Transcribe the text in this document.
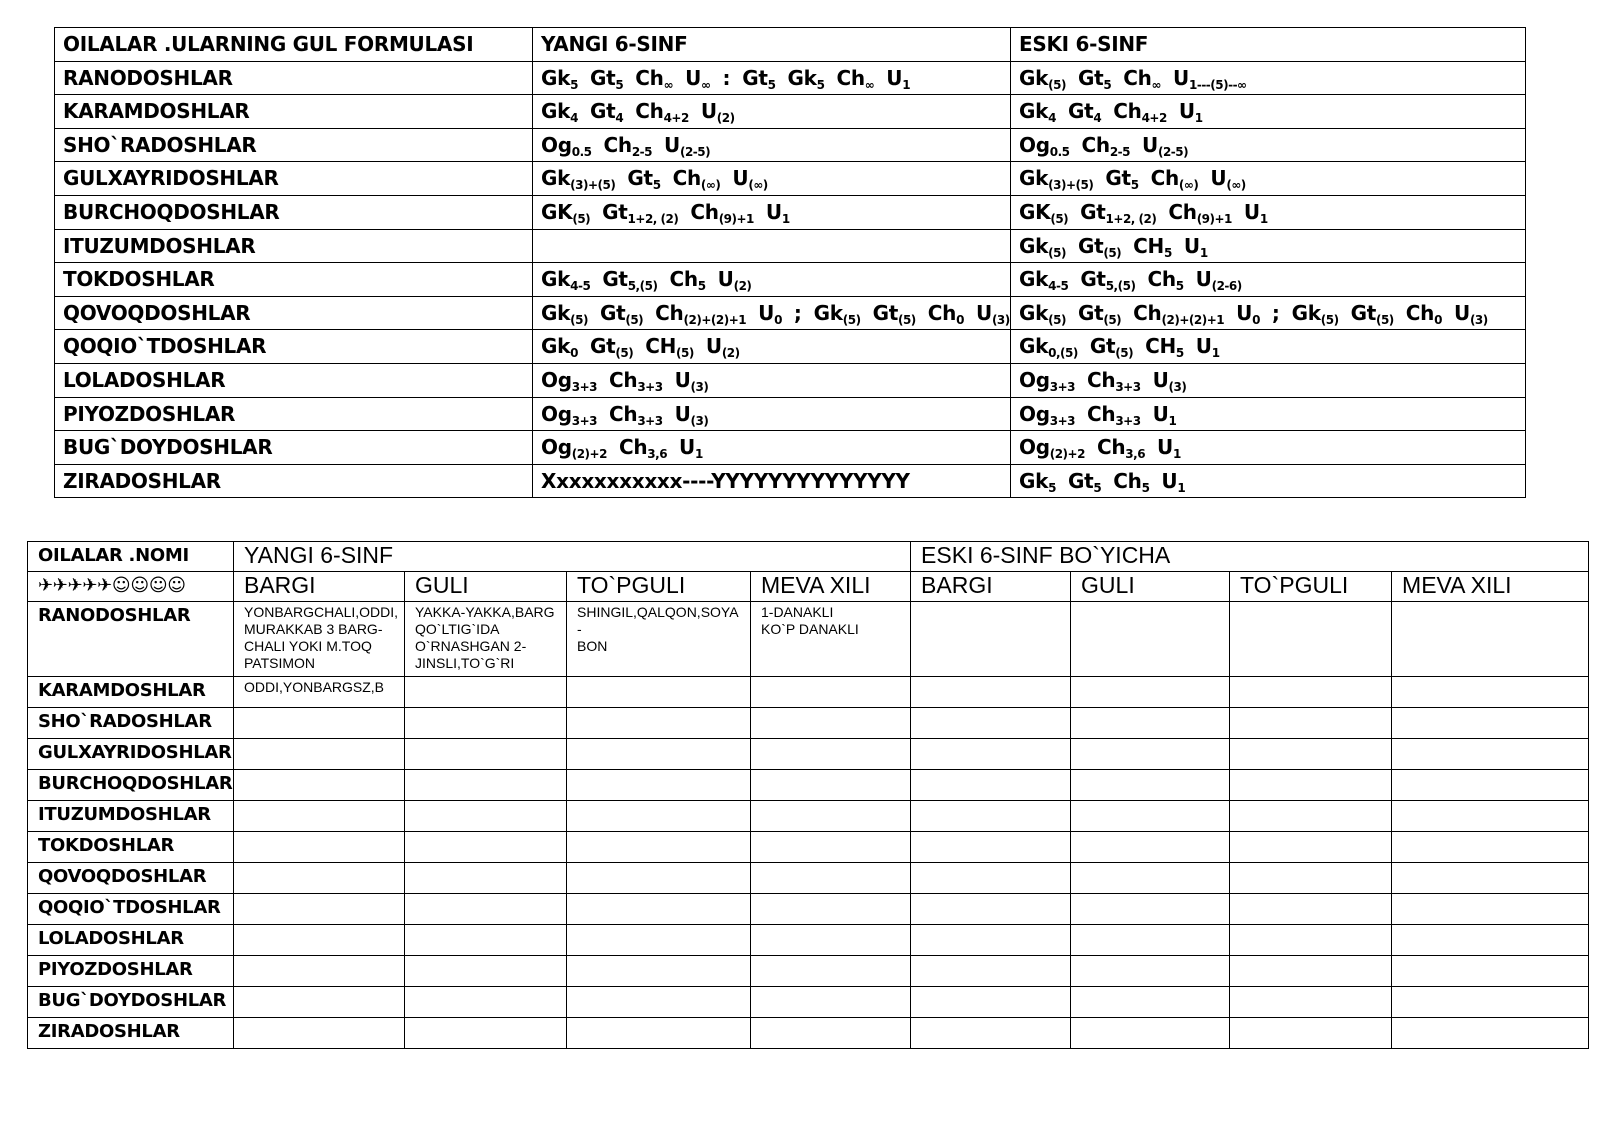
OILALAR .ULARNING GUL FORMULASI	YANGI 6-SINF	ESKI 6-SINF
RANODOSHLAR	$Gk_5$ $Gt_5$ $Ch_\infty$ $U_\infty$: $Gt_5$ $Gk_5$ $Ch_\infty$ $U_1$	$Gk_{(5)}$ $Gt_5$ $Ch_\infty$ $U_{1---(5)--\infty}$
KARAMDOSHLAR	$Gk_4$ $Gt_4$ $Ch_{4+2}$ $U_{(2)}$	$Gk_4$ $Gt_4$ $Ch_{4+2}$ $U_1$
SHO`RADOSHLAR	$Og_{0.5}$ $Ch_{2-5}$ $U_{(2-5)}$	$Og_{0.5}$ $Ch_{2-5}$ $U_{(2-5)}$
GULXAYRIDOSHLAR	$Gk_{(3)+(5)}$ $Gt_5$ $Ch_{(\infty)}$ $U_{(\infty)}$	$Gk_{(3)+(5)}$ $Gt_5$ $Ch_{(\infty)}$ $U_{(\infty)}$
BURCHOQDOSHLAR	$GK_{(5)}$ $Gt_{1+2, (2)}$ $Ch_{(9)+1}$ $U_1$	$GK_{(5)}$ $Gt_{1+2, (2)}$ $Ch_{(9)+1}$ $U_1$
ITUZUMDOSHLAR		$Gk_{(5)}$ $Gt_{(5)}$ $CH_5$ $U_1$
TOKDOSHLAR	$Gk_{4-5}$ $Gt_{5,(5)}$ $Ch_5$ $U_{(2)}$	$Gk_{4-5}$ $Gt_{5,(5)}$ $Ch_5$ $U_{(2-6)}$
QOVOQDOSHLAR	$Gk_{(5)}$ $Gt_{(5)}$ $Ch_{(2)+(2)+1}$ $U_0$ ; $Gk_{(5)}$ $Gt_{(5)}$ $Ch_0$ $U_{(3)}$	$Gk_{(5)}$ $Gt_{(5)}$ $Ch_{(2)+(2)+1}$ $U_0$ ; $Gk_{(5)}$ $Gt_{(5)}$ $Ch_0$ $U_{(3)}$
QOQIO`TDOSHLAR	$Gk_0$ $Gt_{(5)}$ $CH_{(5)}$ $U_{(2)}$	$Gk_{0,(5)}$ $Gt_{(5)}$ $CH_5$ $U_1$
LOLADOSHLAR	$Og_{3+3}$ $Ch_{3+3}$ $U_{(3)}$	$Og_{3+3}$ $Ch_{3+3}$ $U_{(3)}$
PIYOZDOSHLAR	$Og_{3+3}$ $Ch_{3+3}$ $U_{(3)}$	$Og_{3+3}$ $Ch_{3+3}$ $U_1$
BUG`DOYDOSHLAR	$Og_{(2)+2}$ $Ch_{3,6}$ $U_1$	$Og_{(2)+2}$ $Ch_{3,6}$ $U_1$
ZIRADOSHLAR	Xxxxxxxxxxx----YYYYYYYYYYYYYY	$Gk_5$ $Gt_5$ $Ch_5$ $U_1$
OILALAR .NOMI	YANGI 6-SINF				ESKI 6-SINF BO`YICHA			
✈✈✈✈✈☺☺☺☺	BARGI	GULI	TO`PGULI	MEVA XILI	BARGI	GULI	TO`PGULI	MEVA XILI
RANODOSHLAR	YONBARGCHALI,ODDI,
MURAKKAB 3 BARG-
CHALI YOKI M.TOQ
PATSIMON	YAKKA-YAKKA,BARG
QO`LTIG`IDA
O`RNASHGAN 2-
JINSLI,TO`G`RI	SHINGIL,QALQON,SOYA
-
BON	1-DANAKLI
KO`P DANAKLI				

KARAMDOSHLAR	ODDI,YONBARGSZ,B							

SHO`RADOSHLAR								
GULXAYRIDOSHLAR								
BURCHOQDOSHLAR								
ITUZUMDOSHLAR								
TOKDOSHLAR								
QOVOQDOSHLAR								
QOQIO`TDOSHLAR								
LOLADOSHLAR								
PIYOZDOSHLAR								
BUG`DOYDOSHLAR								
ZIRADOSHLAR								
